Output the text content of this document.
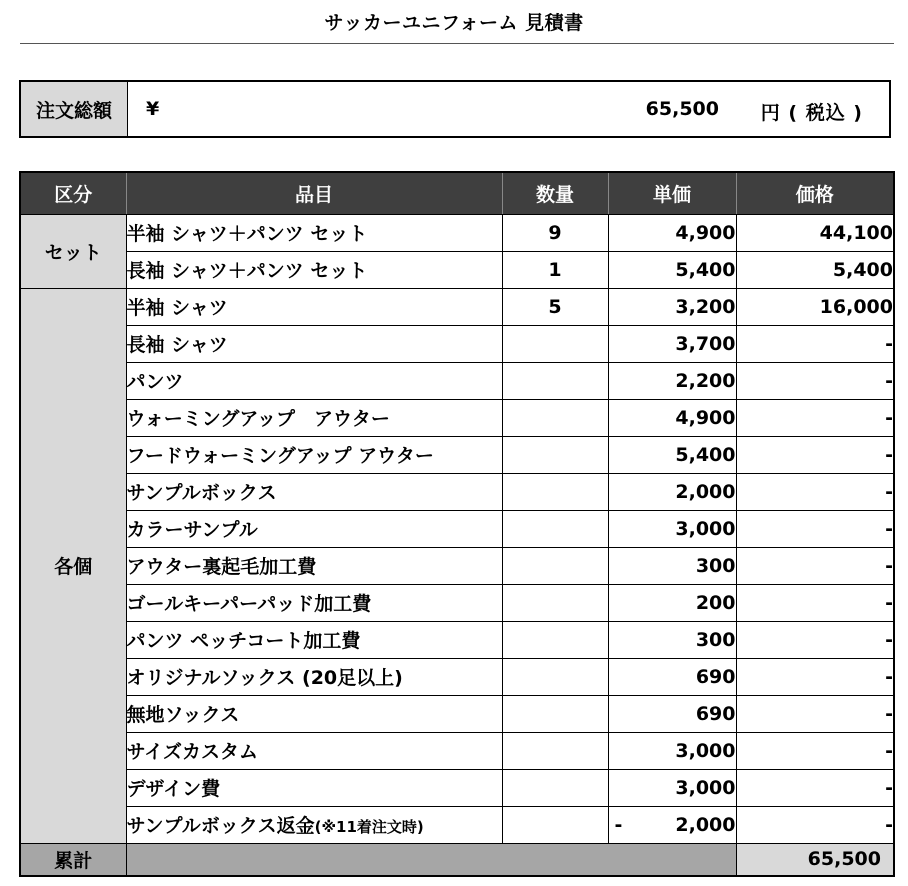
サッカーユニフォーム 見積書
注文総額	¥	65,500 円 ( 税込 )
区分	品目	数量	単価	価格
セット	半袖 シャツ＋パンツ セット	9	4,900	44,100
	長袖 シャツ＋パンツ セット	1	5,400	5,400
各個	半袖 シャツ	5	3,200	16,000
	長袖 シャツ		3,700	-
	パンツ		2,200	-
	ウォーミングアップ　アウター		4,900	-
	フードウォーミングアップ アウター		5,400	-
	サンプルボックス		2,000	-
	カラーサンプル		3,000	-
	アウター裏起毛加工費		300	-
	ゴールキーパーパッド加工費		200	-
	パンツ ペッチコート加工費		300	-
	オリジナルソックス (20足以上)		690	-
	無地ソックス		690	-
	サイズカスタム		3,000	-
	デザイン費		3,000	-
	サンプルボックス返金(※11着注文時)		- 2,000	-
累計				65,500
